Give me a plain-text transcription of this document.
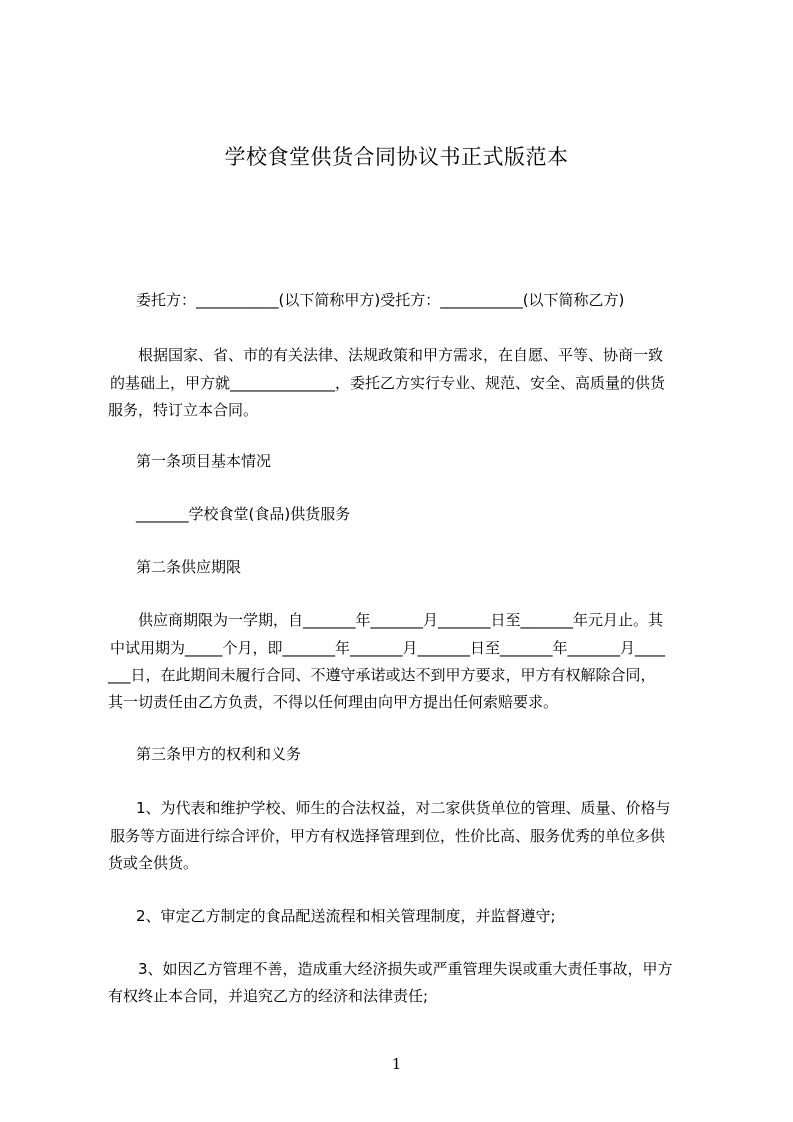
学校食堂供货合同协议书正式版范本
委托方：___________(以下简称甲方)受托方：___________(以下简称乙方)
根据国家、省、市的有关法律、法规政策和甲方需求，在自愿、平等、协商一致
的基础上，甲方就______________，委托乙方实行专业、规范、安全、高质量的供货
服务，特订立本合同。
第一条项目基本情况
_______学校食堂(食品)供货服务
第二条供应期限
供应商期限为一学期，自_______年_______月_______日至_______年元月止。其
中试用期为_____个月，即_______年_______月_______日至_______年_______月____
___日，在此期间未履行合同、不遵守承诺或达不到甲方要求，甲方有权解除合同，
其一切责任由乙方负责，不得以任何理由向甲方提出任何索赔要求。
第三条甲方的权利和义务
1、为代表和维护学校、师生的合法权益，对二家供货单位的管理、质量、价格与
服务等方面进行综合评价，甲方有权选择管理到位，性价比高、服务优秀的单位多供
货或全供货。
2、审定乙方制定的食品配送流程和相关管理制度，并监督遵守;
3、如因乙方管理不善，造成重大经济损失或严重管理失误或重大责任事故，甲方
有权终止本合同，并追究乙方的经济和法律责任;
1
